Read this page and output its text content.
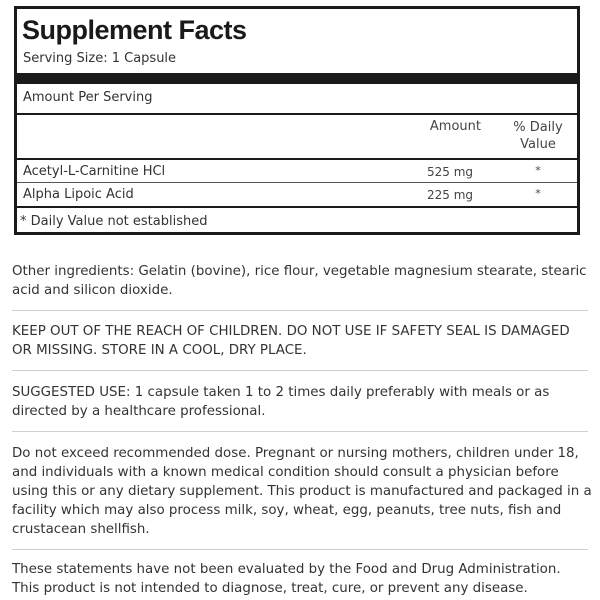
Supplement Facts
Serving Size: 1 Capsule
Amount Per Serving
Amount	% Daily
Value
Acetyl-L-Carnitine HCl	525 mg	*
Alpha Lipoic Acid	225 mg	*
* Daily Value not established

Other ingredients: Gelatin (bovine), rice flour, vegetable magnesium stearate, stearic acid and silicon dioxide.

KEEP OUT OF THE REACH OF CHILDREN. DO NOT USE IF SAFETY SEAL IS DAMAGED OR MISSING. STORE IN A COOL, DRY PLACE.

SUGGESTED USE: 1 capsule taken 1 to 2 times daily preferably with meals or as directed by a healthcare professional.

Do not exceed recommended dose. Pregnant or nursing mothers, children under 18, and individuals with a known medical condition should consult a physician before using this or any dietary supplement. This product is manufactured and packaged in a facility which may also process milk, soy, wheat, egg, peanuts, tree nuts, fish and crustacean shellfish.

These statements have not been evaluated by the Food and Drug Administration. This product is not intended to diagnose, treat, cure, or prevent any disease.
